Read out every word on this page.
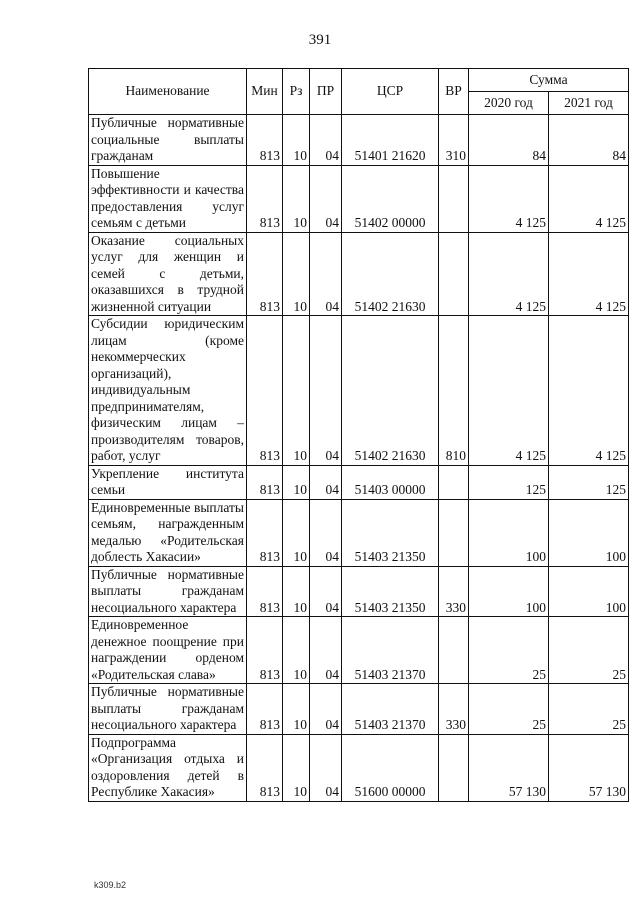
391
Наименование	Мин	Рз	ПР	ЦСР	ВР	Сумма	
						2020 год	2021 год
Публичные нормативные социальные выплаты гражданам	813	10	04	51401 21620	310	84	84
Повышение эффективности и качества предоставления услуг семьям с детьми	813	10	04	51402 00000		4 125	4 125
Оказание социальных услуг для женщин и семей с детьми, оказавшихся в трудной жизненной ситуации	813	10	04	51402 21630		4 125	4 125
Субсидии юридическим лицам (кроме некоммерческих организаций), индивидуальным предпринимателям, физическим лицам – производителям товаров, работ, услуг	813	10	04	51402 21630	810	4 125	4 125
Укрепление института семьи	813	10	04	51403 00000		125	125
Единовременные выплаты семьям, награжденным медалью «Родительская доблесть Хакасии»	813	10	04	51403 21350		100	100
Публичные нормативные выплаты гражданам несоциального характера	813	10	04	51403 21350	330	100	100
Единовременное денежное поощрение при награждении орденом «Родительская слава»	813	10	04	51403 21370		25	25
Публичные нормативные выплаты гражданам несоциального характера	813	10	04	51403 21370	330	25	25
Подпрограмма «Организация отдыха и оздоровления детей в Республике Хакасия»	813	10	04	51600 00000		57 130	57 130
k309.b2
